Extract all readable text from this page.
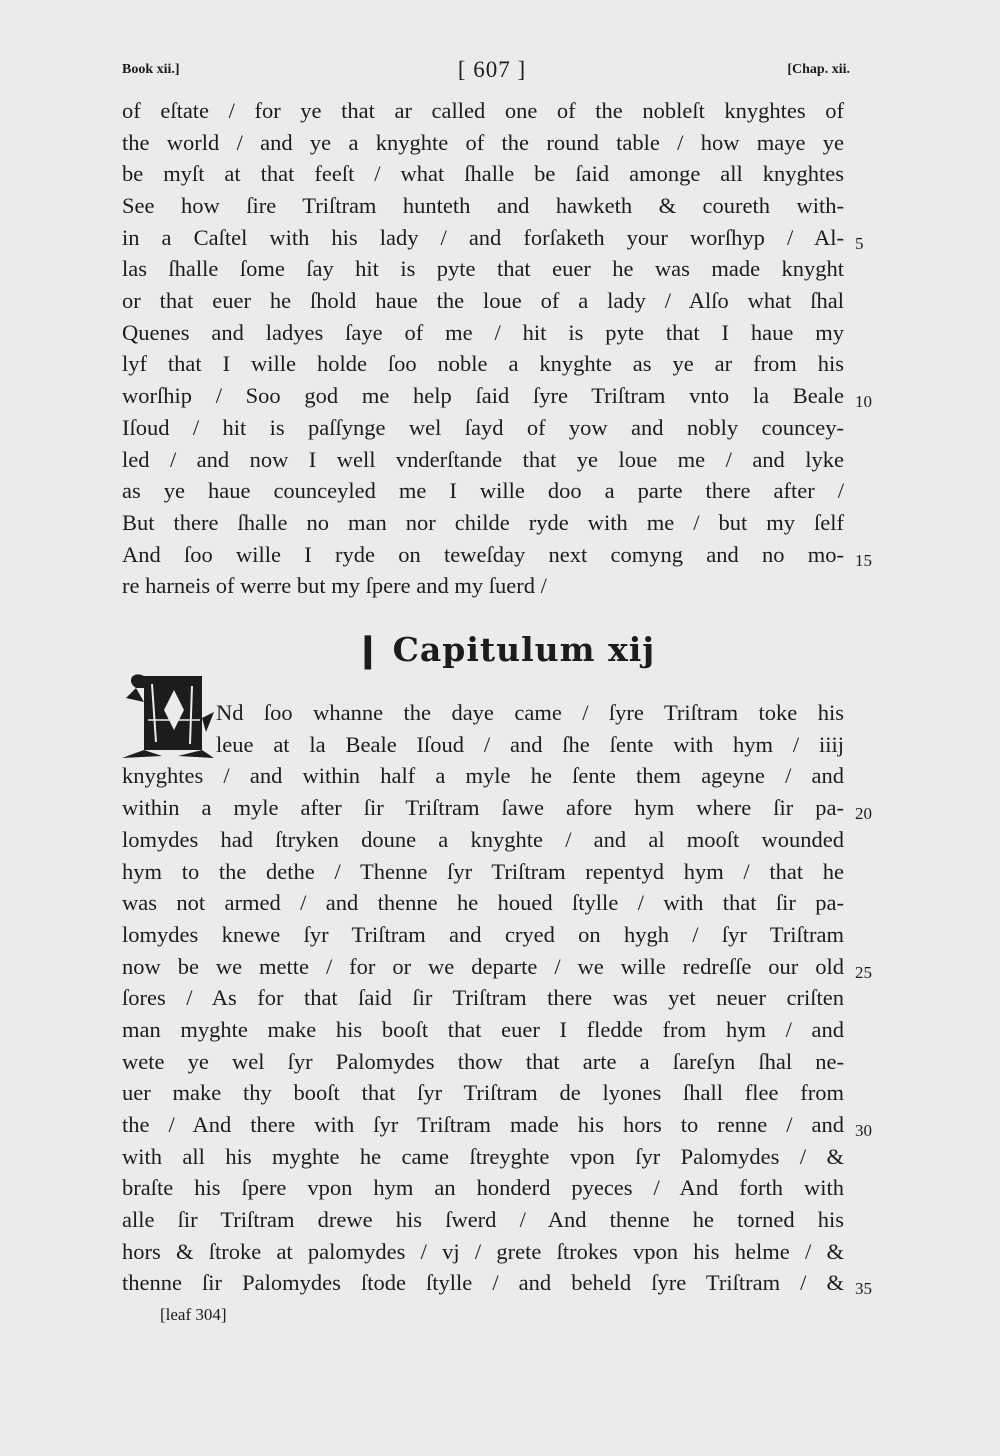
Book xii.]	[ 607 ]	[Chap. xii.
of eſtate / for ye that ar called one of the nobleſt knyghtes of
the world / and ye a knyghte of the round table / how maye ye
be myſt at that feeſt / what ſhalle be ſaid amonge all knyghtes
See how ſire Triſtram hunteth and hawketh & coureth with-
in a Caſtel with his lady / and forſaketh your worſhyp / Al-
las ſhalle ſome ſay hit is pyte that euer he was made knyght
or that euer he ſhold haue the loue of a lady / Alſo what ſhal
Quenes and ladyes ſaye of me / hit is pyte that I haue my
lyf that I wille holde ſoo noble a knyghte as ye ar from his
worſhip / Soo god me help ſaid ſyre Triſtram vnto la Beale
Iſoud / hit is paſſynge wel ſayd of yow and nobly councey-
led / and now I well vnderſtande that ye loue me / and lyke
as ye haue counceyled me I wille doo a parte there after /
But there ſhalle no man nor childe ryde with me / but my ſelf
And ſoo wille I ryde on teweſday next comyng and no mo-
re harneis of werre but my ſpere and my ſuerd /
❙ Capitulum xij
Nd ſoo whanne the daye came / ſyre Triſtram toke his
leue at la Beale Iſoud / and ſhe ſente with hym / iiij
knyghtes / and within half a myle he ſente them ageyne / and
within a myle after ſir Triſtram ſawe afore hym where ſir pa-
lomydes had ſtryken doune a knyghte / and al mooſt wounded
hym to the dethe / Thenne ſyr Triſtram repentyd hym / that he
was not armed / and thenne he houed ſtylle / with that ſir pa-
lomydes knewe ſyr Triſtram and cryed on hygh / ſyr Triſtram
now be we mette / for or we departe / we wille redreſſe our old
ſores / As for that ſaid ſir Triſtram there was yet neuer criſten
man myghte make his booſt that euer I fledde from hym / and
wete ye wel ſyr Palomydes thow that arte a ſareſyn ſhal ne-
uer make thy booſt that ſyr Triſtram de lyones ſhall flee from
the / And there with ſyr Triſtram made his hors to renne / and
with all his myghte he came ſtreyghte vpon ſyr Palomydes / &
braſte his ſpere vpon hym an honderd pyeces / And forth with
alle ſir Triſtram drewe his ſwerd / And thenne he torned his
hors & ſtroke at palomydes / vj / grete ſtrokes vpon his helme / &
thenne ſir Palomydes ſtode ſtylle / and beheld ſyre Triſtram / &
5
10
15
20
25
30
35
[leaf 304]
